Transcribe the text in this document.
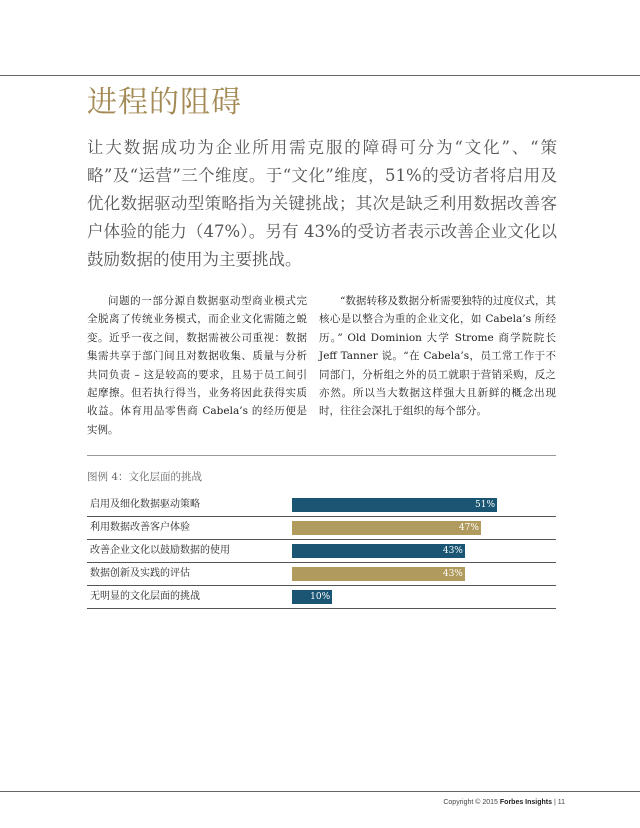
进程的阻碍
让大数据成功为企业所用需克服的障碍可分为“文化”、“策略”及“运营”三个维度。于“文化”维度，51%的受访者将启用及优化数据驱动型策略指为关键挑战；其次是缺乏利用数据改善客户体验的能力（47%）。另有 43%的受访者表示改善企业文化以鼓励数据的使用为主要挑战。
问题的一部分源自数据驱动型商业模式完全脱离了传统业务模式，而企业文化需随之蜕变。近乎一夜之间，数据需被公司重视：数据集需共享于部门间且对数据收集、质量与分析共同负责 – 这是较高的要求，且易于员工间引起摩擦。但若执行得当，业务将因此获得实质收益。体育用品零售商 Cabela’s 的经历便是实例。
“数据转移及数据分析需要独特的过度仪式，其核心是以整合为重的企业文化，如 Cabela’s 所经历。” Old Dominion 大学 Strome 商学院院长 Jeff Tanner 说。“在 Cabela’s，员工常工作于不同部门，分析组之外的员工就职于营销采购，反之亦然。所以当大数据这样强大且新鲜的概念出现时，往往会深扎于组织的每个部分。
图例 4：文化层面的挑战
启用及细化数据驱动策略	51%
利用数据改善客户体验	47%
改善企业文化以鼓励数据的使用	43%
数据创新及实践的评估	43%
无明显的文化层面的挑战	10%
Copyright © 2015 Forbes Insights | 11
